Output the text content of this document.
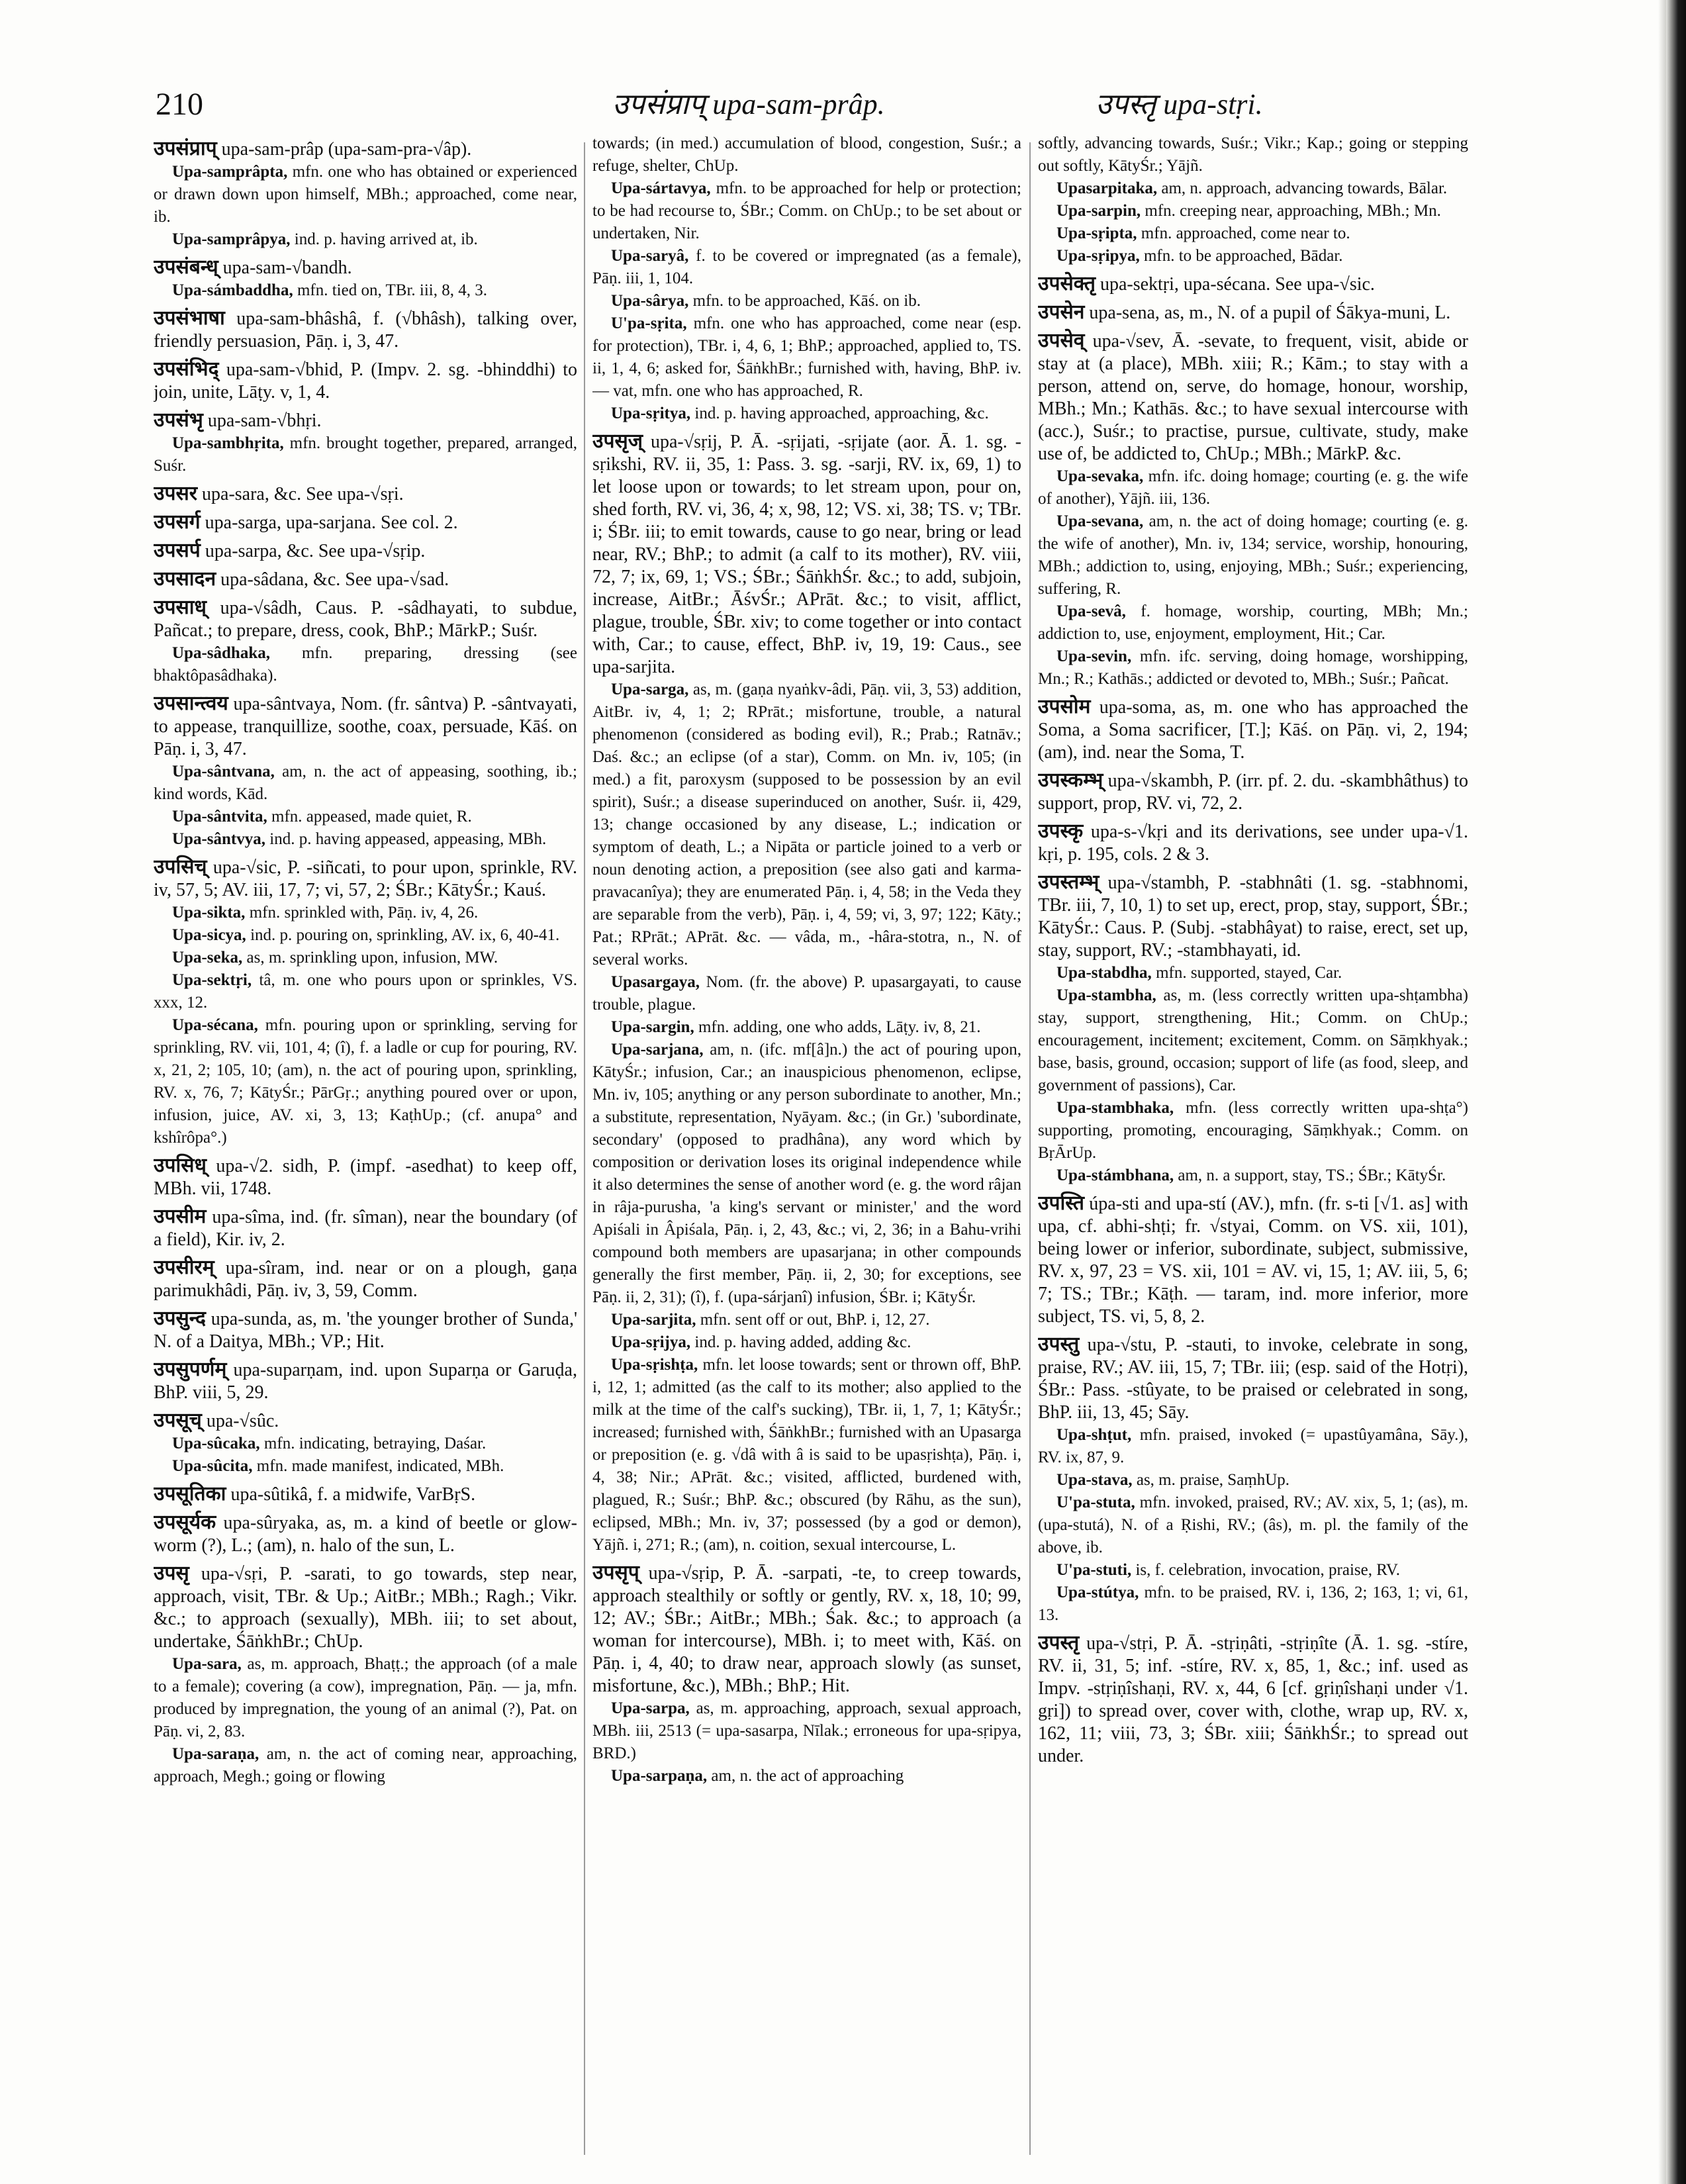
210	उपसंप्राप् upa-sam-prâp.	उपस्तृ upa-stṛi.

उपसंप्राप् upa-sam-prâp (upa-sam-pra-√âp).

Upa-samprâpta, mfn. one who has obtained or experienced or drawn down upon himself, MBh.; approached, come near, ib.

Upa-samprâpya, ind. p. having arrived at, ib.

उपसंबन्ध् upa-sam-√bandh.

Upa-sámbaddha, mfn. tied on, TBr. iii, 8, 4, 3.

उपसंभाषा upa-sam-bhâshâ, f. (√bhâsh), talking over, friendly persuasion, Pāṇ. i, 3, 47.

उपसंभिद् upa-sam-√bhid, P. (Impv. 2. sg. -bhinddhi) to join, unite, Lāṭy. v, 1, 4.

उपसंभृ upa-sam-√bhṛi.

Upa-sambhṛita, mfn. brought together, prepared, arranged, Suśr.

उपसर upa-sara, &c. See upa-√sṛi.

उपसर्ग upa-sarga, upa-sarjana. See col. 2.

उपसर्प upa-sarpa, &c. See upa-√sṛip.

उपसादन upa-sâdana, &c. See upa-√sad.

उपसाध् upa-√sâdh, Caus. P. -sâdhayati, to subdue, Pañcat.; to prepare, dress, cook, BhP.; MārkP.; Suśr.

Upa-sâdhaka, mfn. preparing, dressing (see bhaktôpasâdhaka).

उपसान्त्वय upa-sântvaya, Nom. (fr. sântva) P. -sântvayati, to appease, tranquillize, soothe, coax, persuade, Kāś. on Pāṇ. i, 3, 47.

Upa-sântvana, am, n. the act of appeasing, soothing, ib.; kind words, Kād.

Upa-sântvita, mfn. appeased, made quiet, R.

Upa-sântvya, ind. p. having appeased, appeasing, MBh.

उपसिच् upa-√sic, P. -siñcati, to pour upon, sprinkle, RV. iv, 57, 5; AV. iii, 17, 7; vi, 57, 2; ŚBr.; KātyŚr.; Kauś.

Upa-sikta, mfn. sprinkled with, Pāṇ. iv, 4, 26.

Upa-sicya, ind. p. pouring on, sprinkling, AV. ix, 6, 40-41.

Upa-seka, as, m. sprinkling upon, infusion, MW.

Upa-sektṛi, tâ, m. one who pours upon or sprinkles, VS. xxx, 12.

Upa-sécana, mfn. pouring upon or sprinkling, serving for sprinkling, RV. vii, 101, 4; (î), f. a ladle or cup for pouring, RV. x, 21, 2; 105, 10; (am), n. the act of pouring upon, sprinkling, RV. x, 76, 7; KātyŚr.; PārGṛ.; anything poured over or upon, infusion, juice, AV. xi, 3, 13; KaṭhUp.; (cf. anupa° and kshîrôpa°.)

उपसिध् upa-√2. sidh, P. (impf. -asedhat) to keep off, MBh. vii, 1748.

उपसीम upa-sîma, ind. (fr. sîman), near the boundary (of a field), Kir. iv, 2.

उपसीरम् upa-sîram, ind. near or on a plough, gaṇa parimukhâdi, Pāṇ. iv, 3, 59, Comm.

उपसुन्द upa-sunda, as, m. 'the younger brother of Sunda,' N. of a Daitya, MBh.; VP.; Hit.

उपसुपर्णम् upa-suparṇam, ind. upon Suparṇa or Garuḍa, BhP. viii, 5, 29.

उपसूच् upa-√sûc.

Upa-sûcaka, mfn. indicating, betraying, Daśar.

Upa-sûcita, mfn. made manifest, indicated, MBh.

उपसूतिका upa-sûtikâ, f. a midwife, VarBṛS.

उपसूर्यक upa-sûryaka, as, m. a kind of beetle or glow-worm (?), L.; (am), n. halo of the sun, L.

उपसृ upa-√sṛi, P. -sarati, to go towards, step near, approach, visit, TBr. & Up.; AitBr.; MBh.; Ragh.; Vikr. &c.; to approach (sexually), MBh. iii; to set about, undertake, ŚāṅkhBr.; ChUp.

Upa-sara, as, m. approach, Bhaṭṭ.; the approach (of a male to a female); covering (a cow), impregnation, Pāṇ. — ja, mfn. produced by impregnation, the young of an animal (?), Pat. on Pāṇ. vi, 2, 83.

Upa-saraṇa, am, n. the act of coming near, approaching, approach, Megh.; going or flowing

towards; (in med.) accumulation of blood, congestion, Suśr.; a refuge, shelter, ChUp.

Upa-sártavya, mfn. to be approached for help or protection; to be had recourse to, ŚBr.; Comm. on ChUp.; to be set about or undertaken, Nir.

Upa-saryâ, f. to be covered or impregnated (as a female), Pāṇ. iii, 1, 104.

Upa-sârya, mfn. to be approached, Kāś. on ib.

U'pa-sṛita, mfn. one who has approached, come near (esp. for protection), TBr. i, 4, 6, 1; BhP.; approached, applied to, TS. ii, 1, 4, 6; asked for, ŚāṅkhBr.; furnished with, having, BhP. iv. — vat, mfn. one who has approached, R.

Upa-sṛitya, ind. p. having approached, approaching, &c.

उपसृज् upa-√sṛij, P. Ā. -sṛijati, -sṛijate (aor. Ā. 1. sg. -sṛikshi, RV. ii, 35, 1: Pass. 3. sg. -sarji, RV. ix, 69, 1) to let loose upon or towards; to let stream upon, pour on, shed forth, RV. vi, 36, 4; x, 98, 12; VS. xi, 38; TS. v; TBr. i; ŚBr. iii; to emit towards, cause to go near, bring or lead near, RV.; BhP.; to admit (a calf to its mother), RV. viii, 72, 7; ix, 69, 1; VS.; ŚBr.; ŚāṅkhŚr. &c.; to add, subjoin, increase, AitBr.; ĀśvŚr.; APrāt. &c.; to visit, afflict, plague, trouble, ŚBr. xiv; to come together or into contact with, Car.; to cause, effect, BhP. iv, 19, 19: Caus., see upa-sarjita.

Upa-sarga, as, m. (gaṇa nyaṅkv-âdi, Pāṇ. vii, 3, 53) addition, AitBr. iv, 4, 1; 2; RPrāt.; misfortune, trouble, a natural phenomenon (considered as boding evil), R.; Prab.; Ratnāv.; Daś. &c.; an eclipse (of a star), Comm. on Mn. iv, 105; (in med.) a fit, paroxysm (supposed to be possession by an evil spirit), Suśr.; a disease superinduced on another, Suśr. ii, 429, 13; change occasioned by any disease, L.; indication or symptom of death, L.; a Nipāta or particle joined to a verb or noun denoting action, a preposition (see also gati and karma-pravacanîya); they are enumerated Pāṇ. i, 4, 58; in the Veda they are separable from the verb), Pāṇ. i, 4, 59; vi, 3, 97; 122; Kāty.; Pat.; RPrāt.; APrāt. &c. — vâda, m., -hâra-stotra, n., N. of several works.

Upasargaya, Nom. (fr. the above) P. upasargayati, to cause trouble, plague.

Upa-sargin, mfn. adding, one who adds, Lāṭy. iv, 8, 21.

Upa-sarjana, am, n. (ifc. mf[â]n.) the act of pouring upon, KātyŚr.; infusion, Car.; an inauspicious phenomenon, eclipse, Mn. iv, 105; anything or any person subordinate to another, Mn.; a substitute, representation, Nyāyam. &c.; (in Gr.) 'subordinate, secondary' (opposed to pradhâna), any word which by composition or derivation loses its original independence while it also determines the sense of another word (e. g. the word râjan in râja-purusha, 'a king's servant or minister,' and the word Apiśali in Âpiśala, Pāṇ. i, 2, 43, &c.; vi, 2, 36; in a Bahu-vrihi compound both members are upasarjana; in other compounds generally the first member, Pāṇ. ii, 2, 30; for exceptions, see Pāṇ. ii, 2, 31); (î), f. (upa-sárjanî) infusion, ŚBr. i; KātyŚr.

Upa-sarjita, mfn. sent off or out, BhP. i, 12, 27.

Upa-sṛijya, ind. p. having added, adding &c.

Upa-sṛishṭa, mfn. let loose towards; sent or thrown off, BhP. i, 12, 1; admitted (as the calf to its mother; also applied to the milk at the time of the calf's sucking), TBr. ii, 1, 7, 1; KātyŚr.; increased; furnished with, ŚāṅkhBr.; furnished with an Upasarga or preposition (e. g. √dâ with â is said to be upasṛishṭa), Pāṇ. i, 4, 38; Nir.; APrāt. &c.; visited, afflicted, burdened with, plagued, R.; Suśr.; BhP. &c.; obscured (by Rāhu, as the sun), eclipsed, MBh.; Mn. iv, 37; possessed (by a god or demon), Yājñ. i, 271; R.; (am), n. coition, sexual intercourse, L.

उपसृप् upa-√sṛip, P. Ā. -sarpati, -te, to creep towards, approach stealthily or softly or gently, RV. x, 18, 10; 99, 12; AV.; ŚBr.; AitBr.; MBh.; Śak. &c.; to approach (a woman for intercourse), MBh. i; to meet with, Kāś. on Pāṇ. i, 4, 40; to draw near, approach slowly (as sunset, misfortune, &c.), MBh.; BhP.; Hit.

Upa-sarpa, as, m. approaching, approach, sexual approach, MBh. iii, 2513 (= upa-sasarpa, Nīlak.; erroneous for upa-sṛipya, BRD.)

Upa-sarpaṇa, am, n. the act of approaching

softly, advancing towards, Suśr.; Vikr.; Kap.; going or stepping out softly, KātyŚr.; Yājñ.

Upasarpitaka, am, n. approach, advancing towards, Bālar.

Upa-sarpin, mfn. creeping near, approaching, MBh.; Mn.

Upa-sṛipta, mfn. approached, come near to.

Upa-sṛipya, mfn. to be approached, Bādar.

उपसेक्तृ upa-sektṛi, upa-sécana. See upa-√sic.

उपसेन upa-sena, as, m., N. of a pupil of Śākya-muni, L.

उपसेव् upa-√sev, Ā. -sevate, to frequent, visit, abide or stay at (a place), MBh. xiii; R.; Kām.; to stay with a person, attend on, serve, do homage, honour, worship, MBh.; Mn.; Kathās. &c.; to have sexual intercourse with (acc.), Suśr.; to practise, pursue, cultivate, study, make use of, be addicted to, ChUp.; MBh.; MārkP. &c.

Upa-sevaka, mfn. ifc. doing homage; courting (e. g. the wife of another), Yājñ. iii, 136.

Upa-sevana, am, n. the act of doing homage; courting (e. g. the wife of another), Mn. iv, 134; service, worship, honouring, MBh.; addiction to, using, enjoying, MBh.; Suśr.; experiencing, suffering, R.

Upa-sevâ, f. homage, worship, courting, MBh; Mn.; addiction to, use, enjoyment, employment, Hit.; Car.

Upa-sevin, mfn. ifc. serving, doing homage, worshipping, Mn.; R.; Kathās.; addicted or devoted to, MBh.; Suśr.; Pañcat.

उपसोम upa-soma, as, m. one who has approached the Soma, a Soma sacrificer, [T.]; Kāś. on Pāṇ. vi, 2, 194; (am), ind. near the Soma, T.

उपस्कम्भ् upa-√skambh, P. (irr. pf. 2. du. -skambhâthus) to support, prop, RV. vi, 72, 2.

उपस्कृ upa-s-√kṛi and its derivations, see under upa-√1. kṛi, p. 195, cols. 2 & 3.

उपस्तम्भ् upa-√stambh, P. -stabhnâti (1. sg. -stabhnomi, TBr. iii, 7, 10, 1) to set up, erect, prop, stay, support, ŚBr.; KātyŚr.: Caus. P. (Subj. -stabhâyat) to raise, erect, set up, stay, support, RV.; -stambhayati, id.

Upa-stabdha, mfn. supported, stayed, Car.

Upa-stambha, as, m. (less correctly written upa-shṭambha) stay, support, strengthening, Hit.; Comm. on ChUp.; encouragement, incitement; excitement, Comm. on Sāṃkhyak.; base, basis, ground, occasion; support of life (as food, sleep, and government of passions), Car.

Upa-stambhaka, mfn. (less correctly written upa-shṭa°) supporting, promoting, encouraging, Sāṃkhyak.; Comm. on BṛĀrUp.

Upa-stámbhana, am, n. a support, stay, TS.; ŚBr.; KātyŚr.

उपस्ति úpa-sti and upa-stí (AV.), mfn. (fr. s-ti [√1. as] with upa, cf. abhi-shṭi; fr. √styai, Comm. on VS. xii, 101), being lower or inferior, subordinate, subject, submissive, RV. x, 97, 23 = VS. xii, 101 = AV. vi, 15, 1; AV. iii, 5, 6; 7; TS.; TBr.; Kāṭh. — taram, ind. more inferior, more subject, TS. vi, 5, 8, 2.

उपस्तु upa-√stu, P. -stauti, to invoke, celebrate in song, praise, RV.; AV. iii, 15, 7; TBr. iii; (esp. said of the Hotṛi), ŚBr.: Pass. -stûyate, to be praised or celebrated in song, BhP. iii, 13, 45; Sāy.

Upa-shṭut, mfn. praised, invoked (= upastûyamâna, Sāy.), RV. ix, 87, 9.

Upa-stava, as, m. praise, SaṃhUp.

U'pa-stuta, mfn. invoked, praised, RV.; AV. xix, 5, 1; (as), m. (upa-stutá), N. of a Ṛishi, RV.; (âs), m. pl. the family of the above, ib.

U'pa-stuti, is, f. celebration, invocation, praise, RV.

Upa-stútya, mfn. to be praised, RV. i, 136, 2; 163, 1; vi, 61, 13.

उपस्तृ upa-√stṛi, P. Ā. -stṛiṇâti, -stṛiṇîte (Ā. 1. sg. -stíre, RV. ii, 31, 5; inf. -stíre, RV. x, 85, 1, &c.; inf. used as Impv. -stṛiṇîshaṇi, RV. x, 44, 6 [cf. gṛiṇîshaṇi under √1. gṛi]) to spread over, cover with, clothe, wrap up, RV. x, 162, 11; viii, 73, 3; ŚBr. xiii; ŚāṅkhŚr.; to spread out under.
